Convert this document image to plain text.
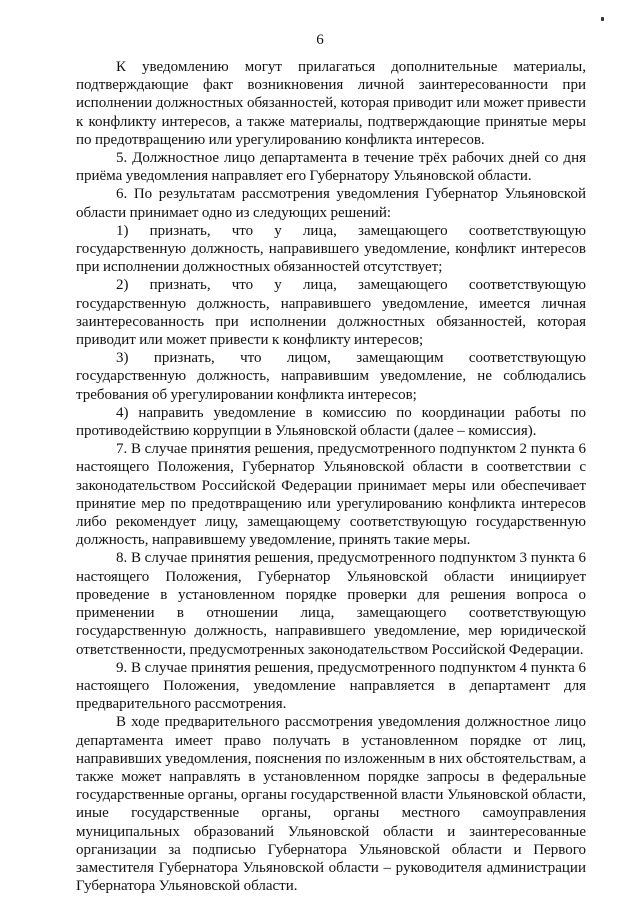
6

К уведомлению могут прилагаться дополнительные материалы, подтверждающие факт возникновения личной заинтересованности при исполнении должностных обязанностей, которая приводит или может привести к конфликту интересов, а также материалы, подтверждающие принятые меры по предотвращению или урегулированию конфликта интересов.

5. Должностное лицо департамента в течение трёх рабочих дней со дня приёма уведомления направляет его Губернатору Ульяновской области.

6. По результатам рассмотрения уведомления Губернатор Ульяновской области принимает одно из следующих решений:

1) признать, что у лица, замещающего соответствующую государственную должность, направившего уведомление, конфликт интересов при исполнении должностных обязанностей отсутствует;

2) признать, что у лица, замещающего соответствующую государственную должность, направившего уведомление, имеется личная заинтересованность при исполнении должностных обязанностей, которая приводит или может привести к конфликту интересов;

3) признать, что лицом, замещающим соответствующую государственную должность, направившим уведомление, не соблюдались требования об урегулировании конфликта интересов;

4) направить уведомление в комиссию по координации работы по противодействию коррупции в Ульяновской области (далее – комиссия).

7. В случае принятия решения, предусмотренного подпунктом 2 пункта 6 настоящего Положения, Губернатор Ульяновской области в соответствии с законодательством Российской Федерации принимает меры или обеспечивает принятие мер по предотвращению или урегулированию конфликта интересов либо рекомендует лицу, замещающему соответствующую государственную должность, направившему уведомление, принять такие меры.

8. В случае принятия решения, предусмотренного подпунктом 3 пункта 6 настоящего Положения, Губернатор Ульяновской области инициирует проведение в установленном порядке проверки для решения вопроса о применении в отношении лица, замещающего соответствующую государственную должность, направившего уведомление, мер юридической ответственности, предусмотренных законодательством Российской Федерации.

9. В случае принятия решения, предусмотренного подпунктом 4 пункта 6 настоящего Положения, уведомление направляется в департамент для предварительного рассмотрения.

В ходе предварительного рассмотрения уведомления должностное лицо департамента имеет право получать в установленном порядке от лиц, направивших уведомления, пояснения по изложенным в них обстоятельствам, а также может направлять в установленном порядке запросы в федеральные государственные органы, органы государственной власти Ульяновской области, иные государственные органы, органы местного самоуправления муниципальных образований Ульяновской области и заинтересованные организации за подписью Губернатора Ульяновской области и Первого заместителя Губернатора Ульяновской области – руководителя администрации Губернатора Ульяновской области.
